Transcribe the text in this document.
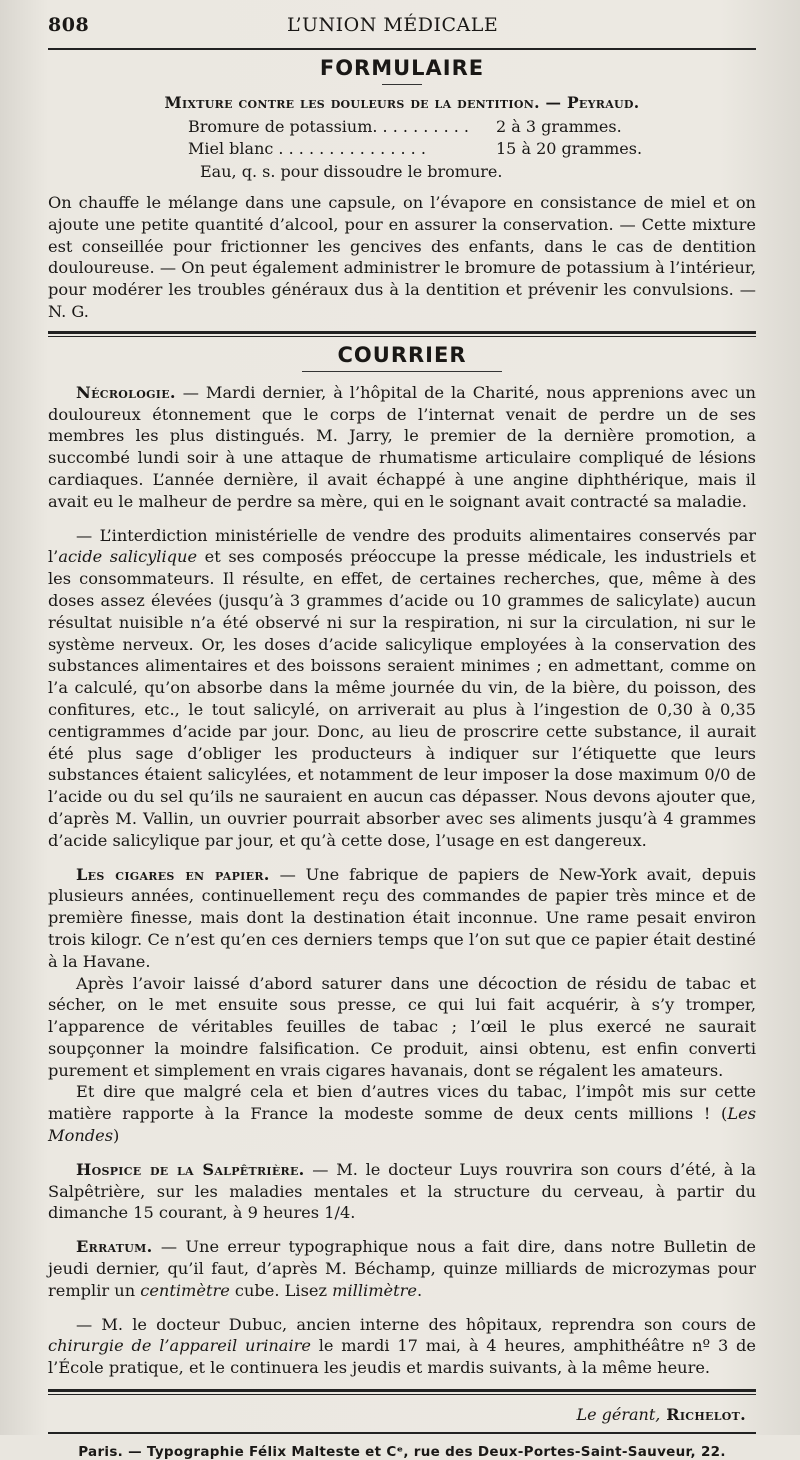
808	L’UNION MÉDICALE
FORMULAIRE
Mixture contre les douleurs de la dentition. — Peyraud.
Bromure de potassium. . . . . . . . . .	2 à 3 grammes.
Miel blanc . . . . . . . . . . . . . . .	15 à 20 grammes.
Eau, q. s. pour dissoudre le bromure.

On chauffe le mélange dans une capsule, on l’évapore en consistance de miel et on ajoute une petite quantité d’alcool, pour en assurer la conservation. — Cette mixture est conseillée pour frictionner les gencives des enfants, dans le cas de dentition douloureuse. — On peut également administrer le bromure de potassium à l’intérieur, pour modérer les troubles généraux dus à la dentition et prévenir les convulsions. — N. G.

COURRIER

Nécrologie. — Mardi dernier, à l’hôpital de la Charité, nous apprenions avec un douloureux étonnement que le corps de l’internat venait de perdre un de ses membres les plus distingués. M. Jarry, le premier de la dernière promotion, a succombé lundi soir à une attaque de rhumatisme articulaire compliqué de lésions cardiaques. L’année dernière, il avait échappé à une angine diphthérique, mais il avait eu le malheur de perdre sa mère, qui en le soignant avait contracté sa maladie.

— L’interdiction ministérielle de vendre des produits alimentaires conservés par l’acide salicylique et ses composés préoccupe la presse médicale, les industriels et les consommateurs. Il résulte, en effet, de certaines recherches, que, même à des doses assez élevées (jusqu’à 3 grammes d’acide ou 10 grammes de salicylate) aucun résultat nuisible n’a été observé ni sur la respiration, ni sur la circulation, ni sur le système nerveux. Or, les doses d’acide salicylique employées à la conservation des substances alimentaires et des boissons seraient minimes ; en admettant, comme on l’a calculé, qu’on absorbe dans la même journée du vin, de la bière, du poisson, des confitures, etc., le tout salicylé, on arriverait au plus à l’ingestion de 0,30 à 0,35 centigrammes d’acide par jour. Donc, au lieu de proscrire cette substance, il aurait été plus sage d’obliger les producteurs à indiquer sur l’étiquette que leurs substances étaient salicylées, et notamment de leur imposer la dose maximum 0/0 de l’acide ou du sel qu’ils ne sauraient en aucun cas dépasser. Nous devons ajouter que, d’après M. Vallin, un ouvrier pourrait absorber avec ses aliments jusqu’à 4 grammes d’acide salicylique par jour, et qu’à cette dose, l’usage en est dangereux.

Les cigares en papier. — Une fabrique de papiers de New-York avait, depuis plusieurs années, continuellement reçu des commandes de papier très mince et de première finesse, mais dont la destination était inconnue. Une rame pesait environ trois kilogr. Ce n’est qu’en ces derniers temps que l’on sut que ce papier était destiné à la Havane.

Après l’avoir laissé d’abord saturer dans une décoction de résidu de tabac et sécher, on le met ensuite sous presse, ce qui lui fait acquérir, à s’y tromper, l’apparence de véritables feuilles de tabac ; l’œil le plus exercé ne saurait soupçonner la moindre falsification. Ce produit, ainsi obtenu, est enfin converti purement et simplement en vrais cigares havanais, dont se régalent les amateurs.

Et dire que malgré cela et bien d’autres vices du tabac, l’impôt mis sur cette matière rapporte à la France la modeste somme de deux cents millions ! (Les Mondes)

Hospice de la Salpêtrière. — M. le docteur Luys rouvrira son cours d’été, à la Salpêtrière, sur les maladies mentales et la structure du cerveau, à partir du dimanche 15 courant, à 9 heures 1/4.

Erratum. — Une erreur typographique nous a fait dire, dans notre Bulletin de jeudi dernier, qu’il faut, d’après M. Béchamp, quinze milliards de microzymas pour remplir un centimètre cube. Lisez millimètre.

— M. le docteur Dubuc, ancien interne des hôpitaux, reprendra son cours de chirurgie de l’appareil urinaire le mardi 17 mai, à 4 heures, amphithéâtre nº 3 de l’École pratique, et le continuera les jeudis et mardis suivants, à la même heure.

Le gérant, Richelot.
Paris. — Typographie Félix Malteste et Cᵉ, rue des Deux-Portes-Saint-Sauveur, 22.
